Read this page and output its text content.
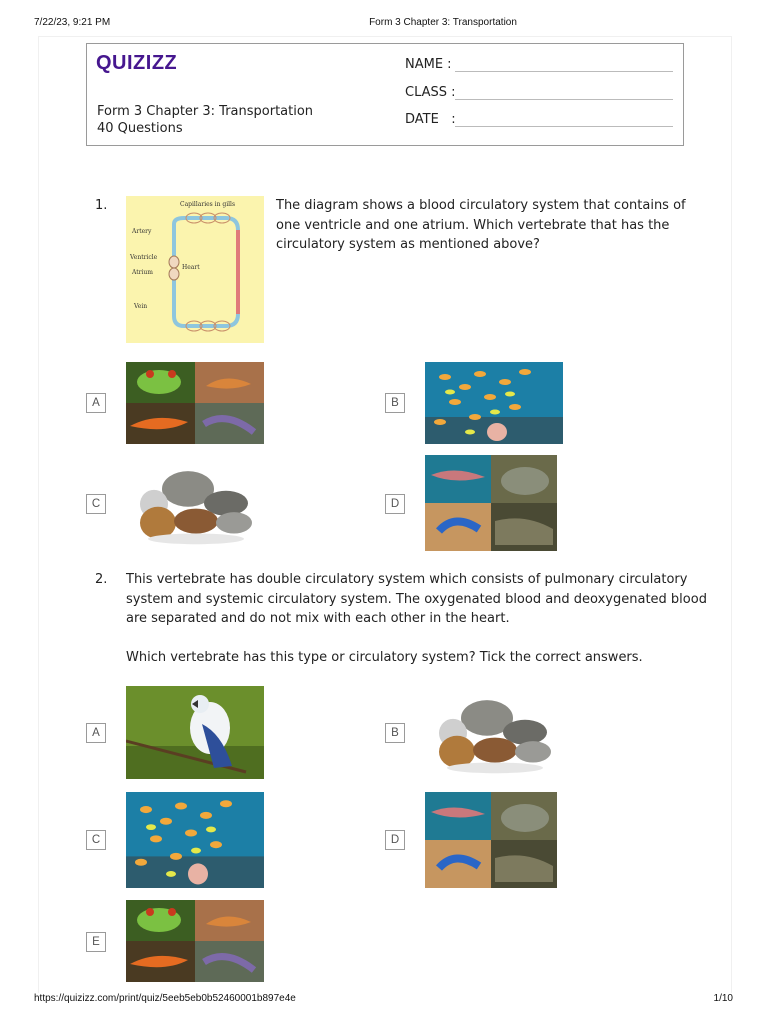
7/22/23, 9:21 PM	Form 3 Chapter 3: Transportation
QUIZIZZ
Form 3 Chapter 3: Transportation
40 Questions
NAME :
CLASS :
DATE   :
1.	Capillaries in gills
Artery
Ventricle
Atrium
Heart
Vein
The diagram shows a blood circulatory system that contains of
one ventricle and one atrium. Which vertebrate that has the
circulatory system as mentioned above?
A	B
C	D
2. This vertebrate has double circulatory system which consists of pulmonary circulatory
system and systemic circulatory system. The oxygenated blood and deoxygenated blood
are separated and do not mix with each other in the heart.
Which vertebrate has this type or circulatory system? Tick the correct answers.
A	B
C	D
E
https://quizizz.com/print/quiz/5eeb5eb0b52460001b897e4e	1/10
